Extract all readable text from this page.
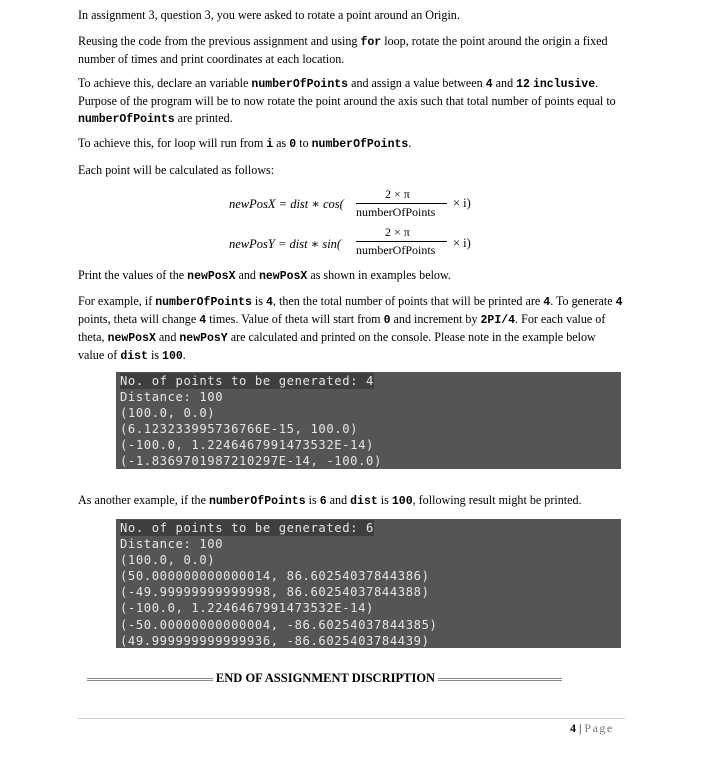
In assignment 3, question 3, you were asked to rotate a point around an Origin.

Reusing the code from the previous assignment and using for loop, rotate the point around the origin a fixed number of times and print coordinates at each location.

To achieve this, declare an variable numberOfPoints and assign a value between 4 and 12 inclusive. Purpose of the program will be to now rotate the point around the axis such that total number of points equal to numberOfPoints are printed.

To achieve this, for loop will run from i as 0 to numberOfPoints.

Each point will be calculated as follows:

newPosX = dist ∗ cos(
2 × π
numberOfPoints
× i)
newPosY = dist ∗ sin(
2 × π
numberOfPoints × i)

Print the values of the newPosX and newPosX as shown in examples below.

For example, if numberOfPoints is 4, then the total number of points that will be printed are 4. To generate 4 points, theta will change 4 times. Value of theta will start from 0 and increment by 2PI/4. For each value of theta, newPosX and newPosY are calculated and printed on the console. Please note in the example below value of dist is 100.

As another example, if the numberOfPoints is 6 and dist is 100, following result might be printed.

No. of points to be generated: 4
Distance: 100
(100.0, 0.0)
(6.123233995736766E-15, 100.0)
(-100.0, 1.2246467991473532E-14)
(-1.8369701987210297E-14, -100.0)
No. of points to be generated: 6
Distance: 100
(100.0, 0.0)
(50.000000000000014, 86.60254037844386)
(-49.99999999999998, 86.60254037844388)
(-100.0, 1.2246467991473532E-14)
(-50.00000000000004, -86.60254037844385)
(49.999999999999936, -86.6025403784439)
END OF ASSIGNMENT DISCRIPTION
4 | Page
